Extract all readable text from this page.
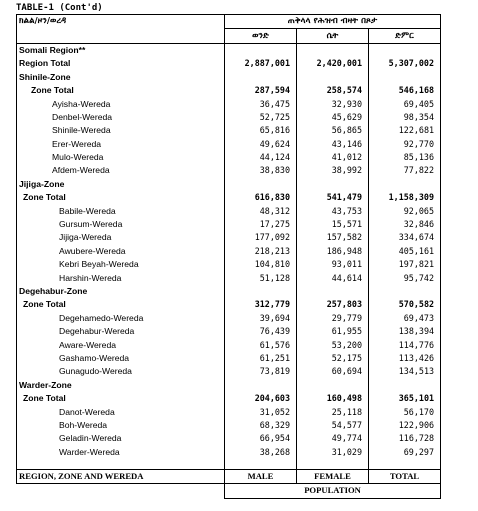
TABLE-1 (Cont'd)
ክልል/ዞን/ወረዳ	ጠቅላላ የሕዝብ ብዛት በጾታ		
	ወንድ	ሴት	ድምር
Somali Region**			
Region Total	2,887,001	2,420,001	5,307,002
Shinile-Zone			
Zone Total	287,594	258,574	546,168
Ayisha-Wereda	36,475	32,930	69,405
Denbel-Wereda	52,725	45,629	98,354
Shinile-Wereda	65,816	56,865	122,681
Erer-Wereda	49,624	43,146	92,770
Mulo-Wereda	44,124	41,012	85,136
Afdem-Wereda	38,830	38,992	77,822
Jijiga-Zone			
Zone Total	616,830	541,479	1,158,309
Babile-Wereda	48,312	43,753	92,065
Gursum-Wereda	17,275	15,571	32,846
Jijiga-Wereda	177,092	157,582	334,674
Awubere-Wereda	218,213	186,948	405,161
Kebri Beyah-Wereda	104,810	93,011	197,821
Harshin-Wereda	51,128	44,614	95,742
Degehabur-Zone			
Zone Total	312,779	257,803	570,582
Degehamedo-Wereda	39,694	29,779	69,473
Degehabur-Wereda	76,439	61,955	138,394
Aware-Wereda	61,576	53,200	114,776
Gashamo-Wereda	61,251	52,175	113,426
Gunagudo-Wereda	73,819	60,694	134,513
Warder-Zone			
Zone Total	204,603	160,498	365,101
Danot-Wereda	31,052	25,118	56,170
Boh-Wereda	68,329	54,577	122,906
Geladin-Wereda	66,954	49,774	116,728
Warder-Wereda	38,268	31,029	69,297

REGION, ZONE AND WEREDA	MALE	FEMALE	TOTAL
	POPULATION		
